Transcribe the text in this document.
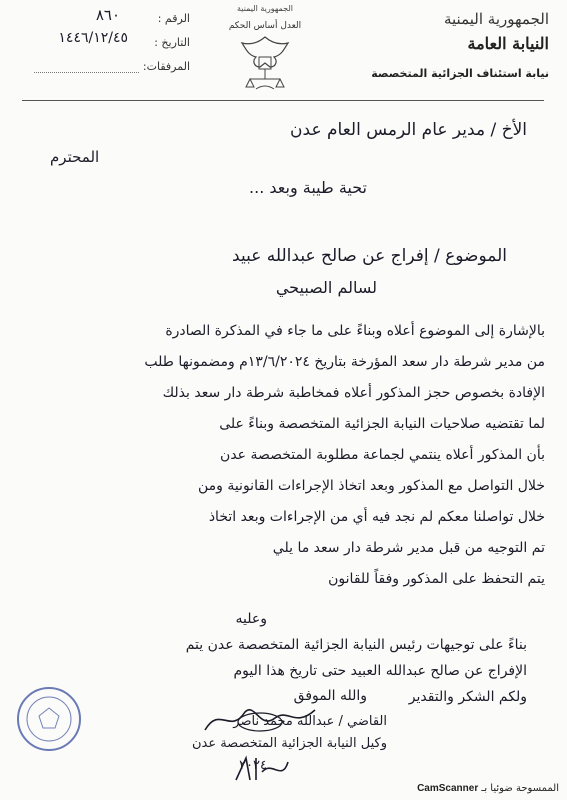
الجمهورية اليمنية
النيابة العامة
نيابة استئناف الجزائية المتخصصة
الجمهورية اليمنية
العدل أساس الحكم
الرقم :
٨٦٠
التاريخ :
١٤٤٦/١٢/٤٥
المرفقات:
الأخ / مدير عام الرمس العام عدن
المحترم
تحية طيبة وبعد ...
الموضوع / إفراج عن صالح عبدالله عبيد
لسالم الصبيحي
بالإشارة إلى الموضوع أعلاه وبناءً على ما جاء في المذكرة الصادرة
من مدير شرطة دار سعد المؤرخة بتاريخ ١٣/٦/٢٠٢٤م ومضمونها طلب
الإفادة بخصوص حجز المذكور أعلاه فمخاطبة شرطة دار سعد بذلك
لما تقتضيه صلاحيات النيابة الجزائية المتخصصة وبناءً على
بأن المذكور أعلاه ينتمي لجماعة مطلوبة المتخصصة عدن
خلال التواصل مع المذكور وبعد اتخاذ الإجراءات القانونية ومن
خلال تواصلنا معكم لم نجد فيه أي من الإجراءات وبعد اتخاذ
تم التوجيه من قبل مدير شرطة دار سعد ما يلي
يتم التحفظ على المذكور وفقاً للقانون
وعليه
بناءً على توجيهات رئيس النيابة الجزائية المتخصصة عدن يتم
الإفراج عن صالح عبدالله العبيد حتى تاريخ هذا اليوم
ولكم الشكر والتقدير
والله الموفق
القاضي / عبدالله محمد ناصر
وكيل النيابة الجزائية المتخصصة عدن
٢٠٢٤
الممسوحة ضوئيا بـ CamScanner
